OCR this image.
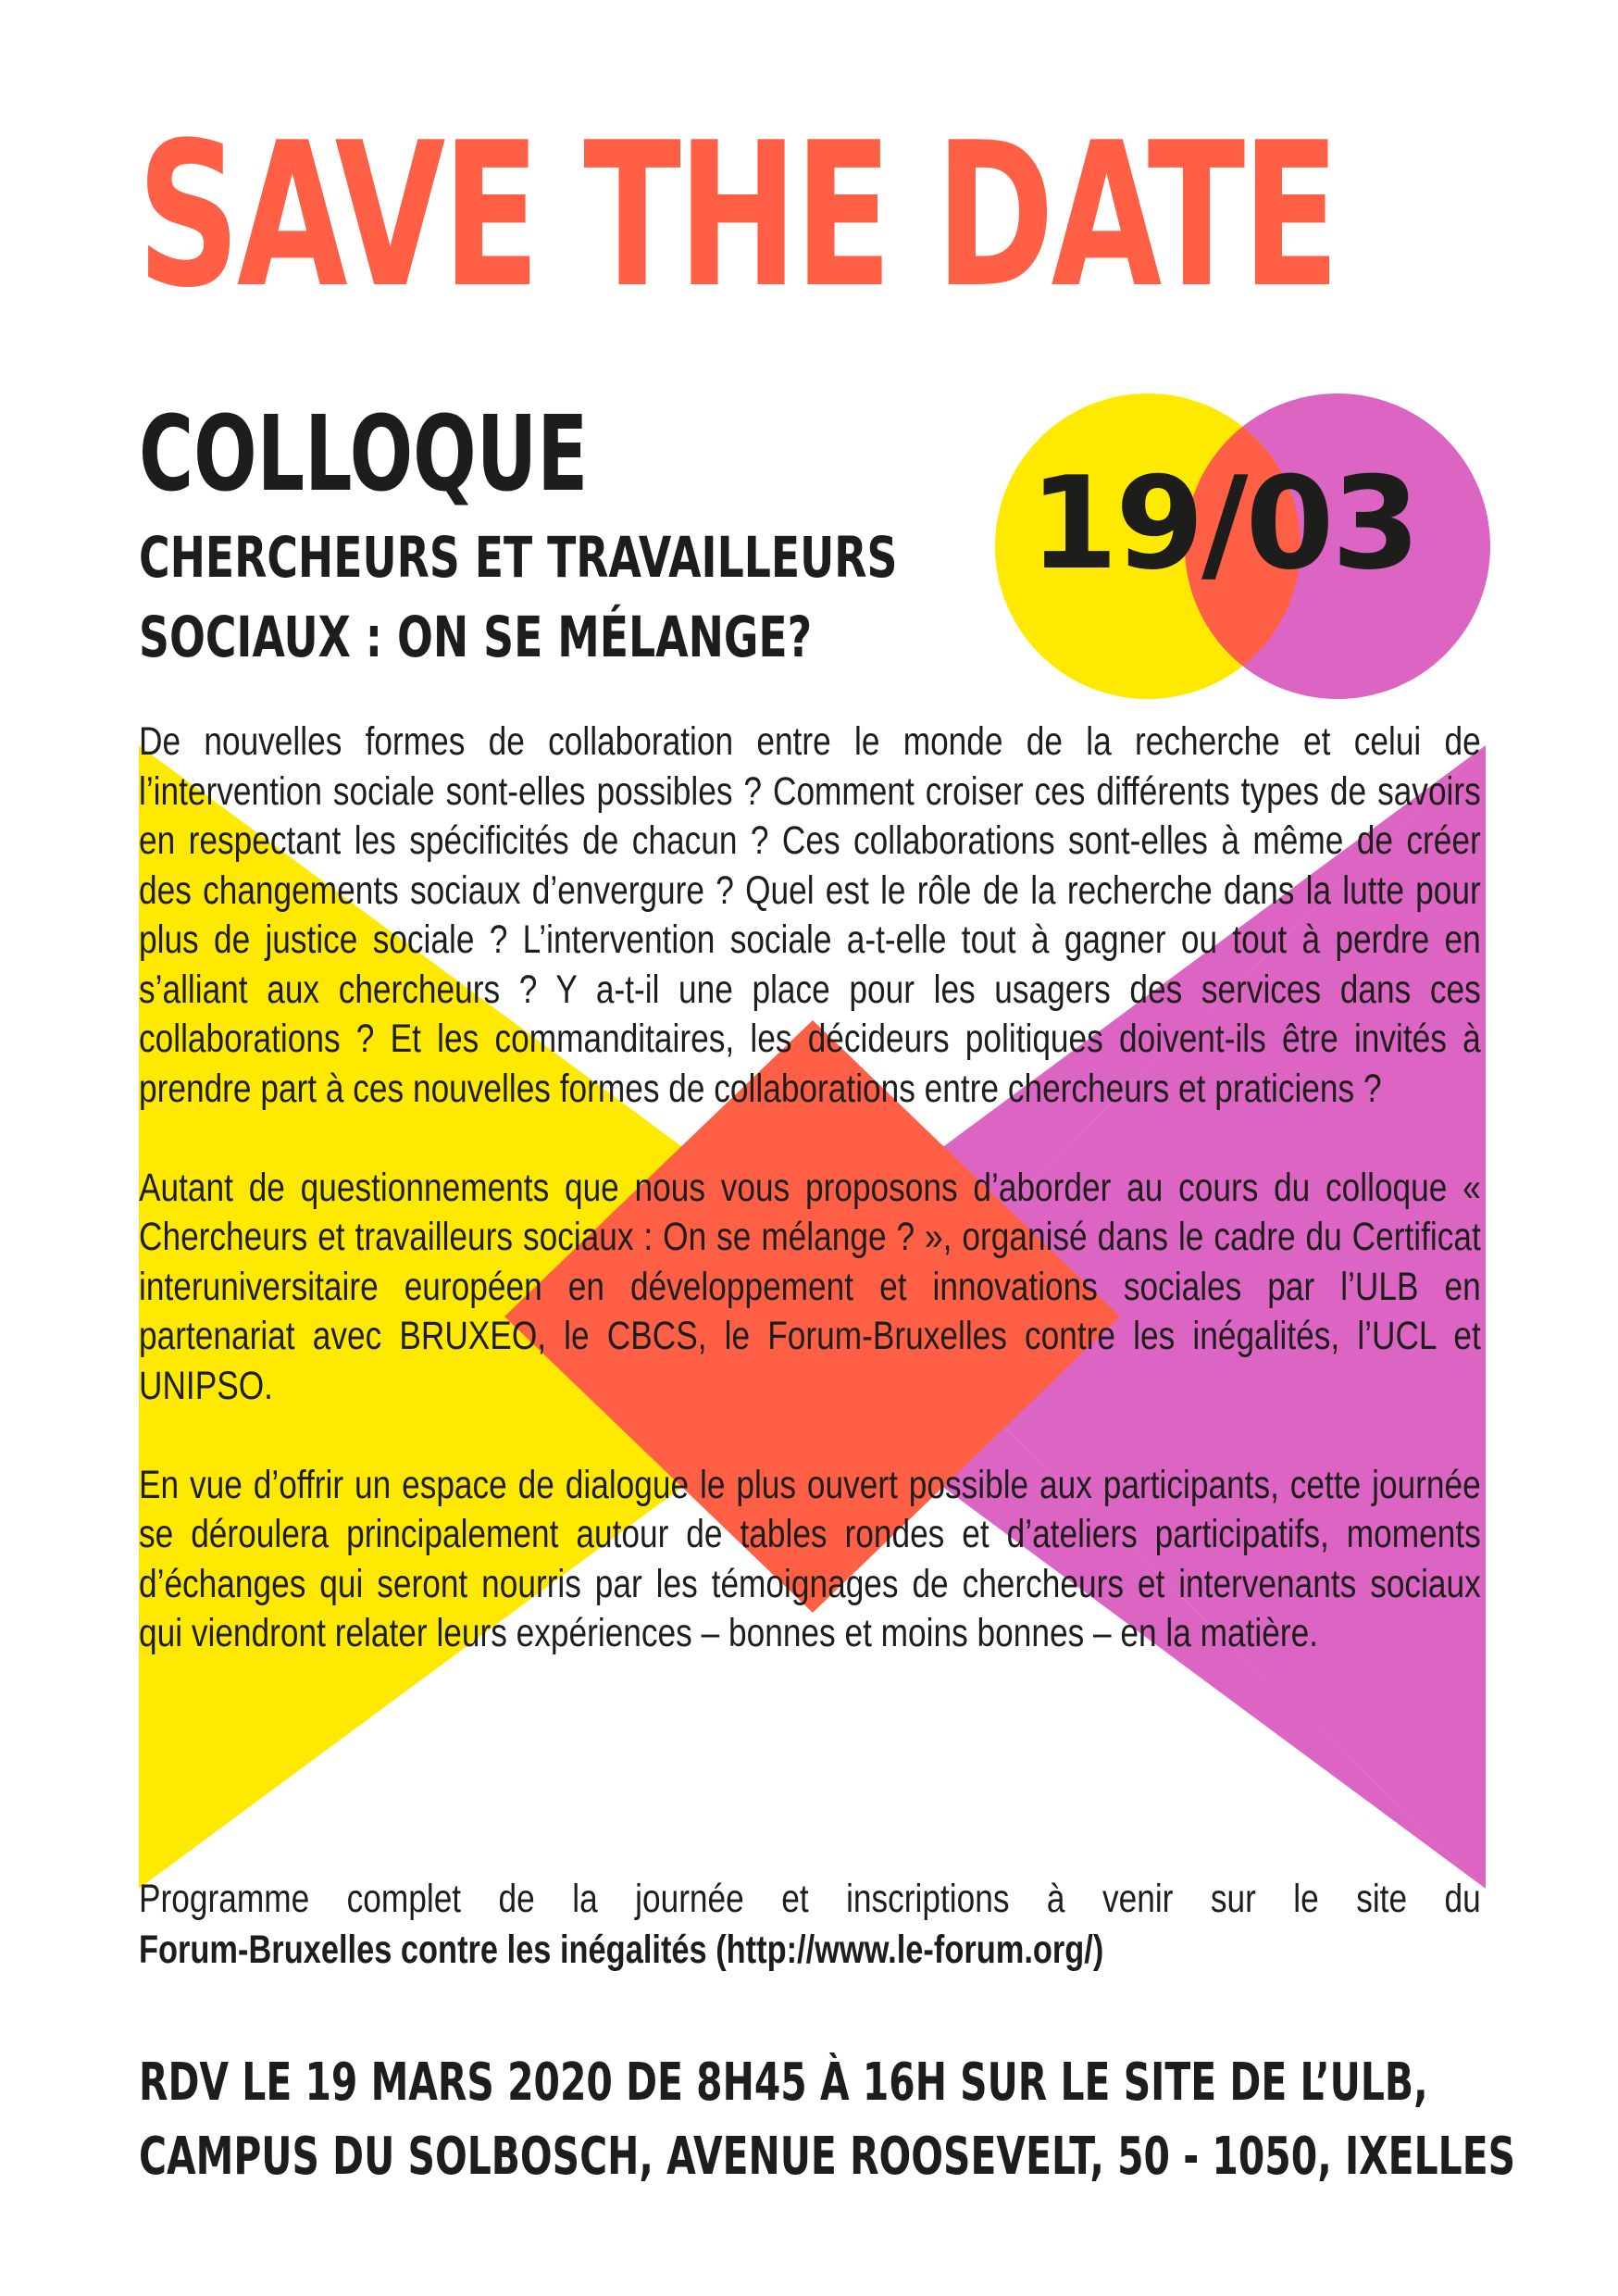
SAVE THE DATE
COLLOQUE
CHERCHEURS ET TRAVAILLEURS
SOCIAUX : ON SE MÉLANGE?
19/03

De nouvelles formes de collaboration entre le monde de la recherche et celui de l’intervention sociale sont-elles possibles ? Comment croiser ces différents types de savoirs en respectant les spécificités de chacun ? Ces collaborations sont-elles à même de créer des changements sociaux d’envergure ? Quel est le rôle de la recherche dans la lutte pour plus de justice sociale ? L’intervention sociale a-t-elle tout à gagner ou tout à perdre en s’alliant aux chercheurs ? Y a-t-il une place pour les usagers des services dans ces collaborations ? Et les commanditaires, les décideurs politiques doivent-ils être invités à prendre part à ces nouvelles formes de collaborations entre chercheurs et praticiens ?

Autant de questionnements que nous vous proposons d’aborder au cours du colloque « Chercheurs et travailleurs sociaux : On se mélange ? », organisé dans le cadre du Certificat interuniversitaire européen en développement et innovations sociales par l’ULB en partenariat avec BRUXEO, le CBCS, le Forum-Bruxelles contre les inégalités, l’UCL et UNIPSO.

En vue d’offrir un espace de dialogue le plus ouvert possible aux participants, cette journée se déroulera principalement autour de tables rondes et d’ateliers participatifs, moments d’échanges qui seront nourris par les témoignages de chercheurs et intervenants sociaux qui viendront relater leurs expériences – bonnes et moins bonnes – en la matière.

Programme complet de la journée et inscriptions à venir sur le site du
Forum-Bruxelles contre les inégalités (http://www.le-forum.org/)
RDV LE 19 MARS 2020 DE 8H45 À 16H SUR LE SITE DE L’ULB,
CAMPUS DU SOLBOSCH, AVENUE ROOSEVELT, 50 - 1050, IXELLES
